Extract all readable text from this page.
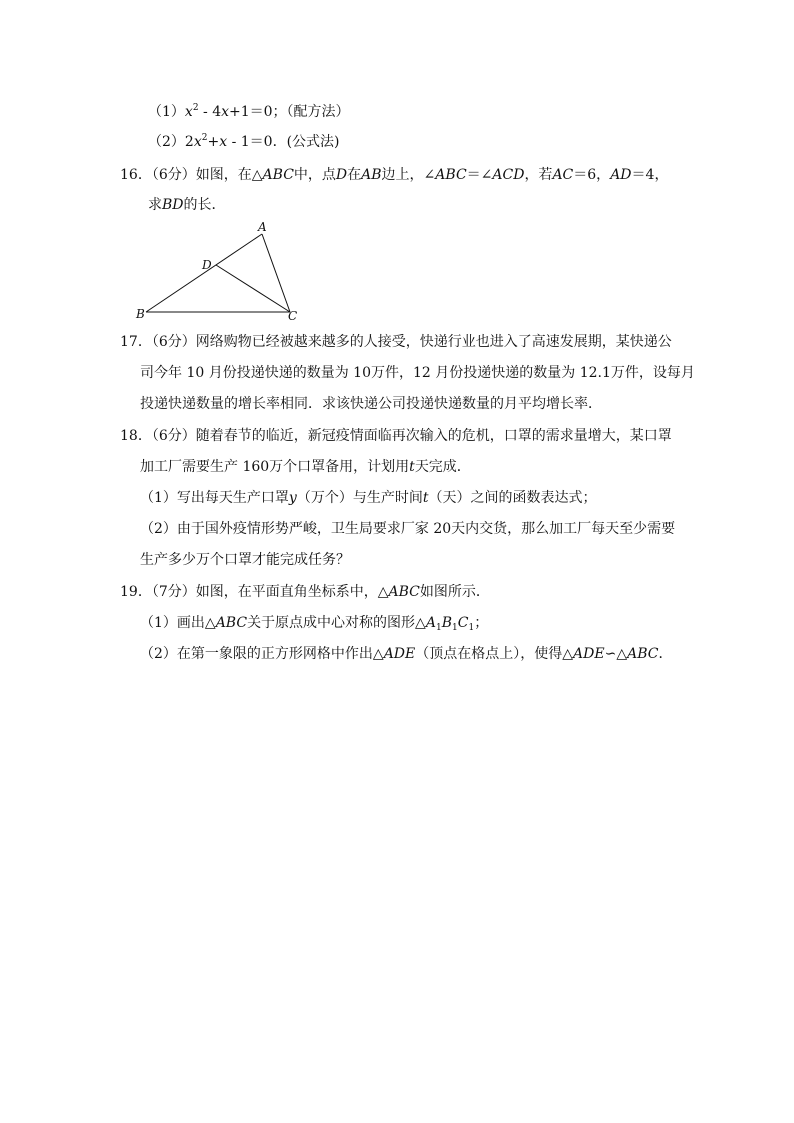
$(1)x^2 - 4x+1=0$；（配方法）
$(2)2x^2+x - 1=0$．(公式法)
16．（6分）如图，在△ABC中，点D在AB边上，∠ABC＝∠ACD，若AC＝6，AD＝4，
求BD的长．
A
D
B	C
17．（6分）网络购物已经被越来越多的人接受，快递行业也进入了高速发展期，某快递公
司今年 10 月份投递快递的数量为 10万件，12 月份投递快递的数量为 12.1万件，设每月
投递快递数量的增长率相同．求该快递公司投递快递数量的月平均增长率．
18．（6分）随着春节的临近，新冠疫情面临再次输入的危机，口罩的需求量增大，某口罩
加工厂需要生产 160万个口罩备用，计划用t天完成．
（1）写出每天生产口罩y（万个）与生产时间t（天）之间的函数表达式；
（2）由于国外疫情形势严峻，卫生局要求厂家 20天内交货，那么加工厂每天至少需要
生产多少万个口罩才能完成任务？
19．（7分）如图，在平面直角坐标系中，△ABC如图所示．
（1）画出△ABC关于原点成中心对称的图形$\triangle A_1B_1C_1$；
（2）在第一象限的正方形网格中作出△ADE（顶点在格点上），使得△ADE∽△ABC．
